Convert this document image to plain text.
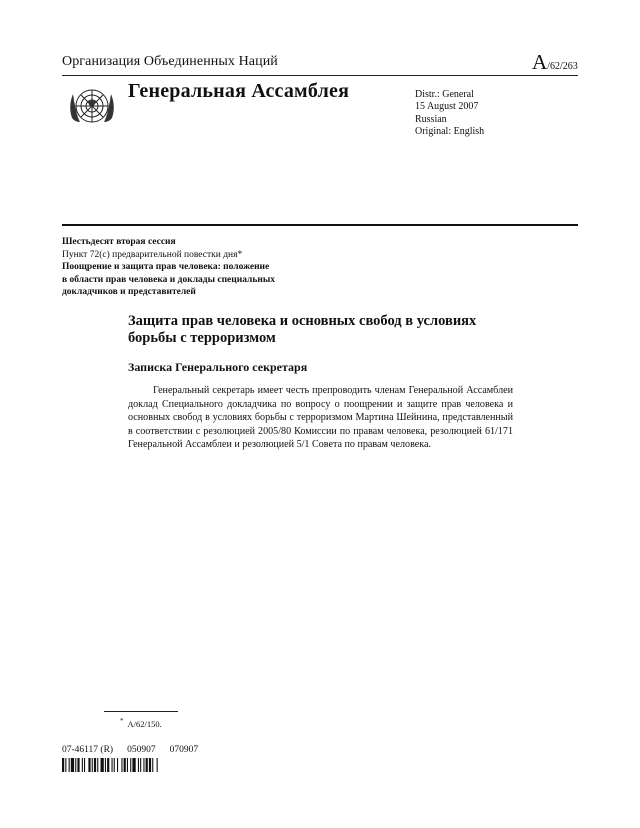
Организация Объединенных Наций	A/62/263
Генеральная Ассамблея	Distr.: General
15 August 2007
Russian
Original: English
Шестьдесят вторая сессия
Пункт 72(c) предварительной повестки дня*
Поощрение и защита прав человека: положение
в области прав человека и доклады специальных
докладчиков и представителей
Защита прав человека и основных свобод в условиях борьбы с терроризмом
Записка Генерального секретаря
Генеральный секретарь имеет честь препроводить членам Генеральной Ассамблеи доклад Специального докладчика по вопросу о поощрении и защите прав человека и основных свобод в условиях борьбы с терроризмом Мартина Шейнина, представленный в соответствии с резолюцией 2005/80 Комиссии по правам человека, резолюцией 61/171 Генеральной Ассамблеи и резолюцией 5/1 Совета по правам человека.
* A/62/150.
07-46117 (R) 050907 070907
